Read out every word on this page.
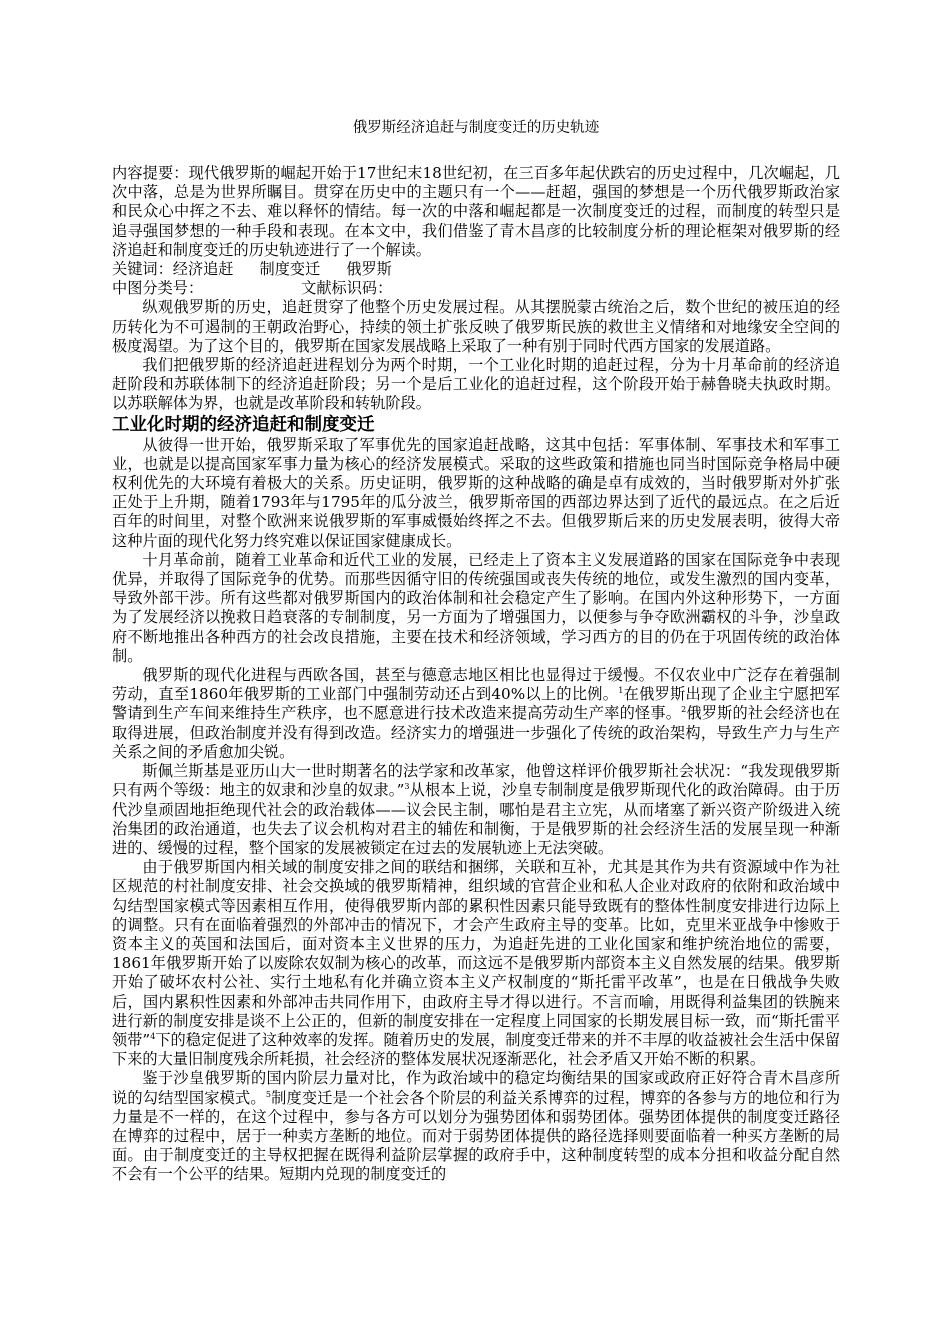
俄罗斯经济追赶与制度变迁的历史轨迹

内容提要：现代俄罗斯的崛起开始于17世纪末18世纪初，在三百多年起伏跌宕的历史过程中，几次崛起，几次中落，总是为世界所瞩目。贯穿在历史中的主题只有一个——赶超，强国的梦想是一个历代俄罗斯政治家和民众心中挥之不去、难以释怀的情结。每一次的中落和崛起都是一次制度变迁的过程，而制度的转型只是追寻强国梦想的一种手段和表现。在本文中，我们借鉴了青木昌彦的比较制度分析的理论框架对俄罗斯的经济追赶和制度变迁的历史轨迹进行了一个解读。

关键词：经济追赶 制度变迁 俄罗斯

中图分类号：	文献标识码：

纵观俄罗斯的历史，追赶贯穿了他整个历史发展过程。从其摆脱蒙古统治之后，数个世纪的被压迫的经历转化为不可遏制的王朝政治野心，持续的领土扩张反映了俄罗斯民族的救世主义情绪和对地缘安全空间的极度渴望。为了这个目的，俄罗斯在国家发展战略上采取了一种有别于同时代西方国家的发展道路。

我们把俄罗斯的经济追赶进程划分为两个时期，一个工业化时期的追赶过程，分为十月革命前的经济追赶阶段和苏联体制下的经济追赶阶段；另一个是后工业化的追赶过程，这个阶段开始于赫鲁晓夫执政时期。以苏联解体为界，也就是改革阶段和转轨阶段。

工业化时期的经济追赶和制度变迁

从彼得一世开始，俄罗斯采取了军事优先的国家追赶战略，这其中包括：军事体制、军事技术和军事工业，也就是以提高国家军事力量为核心的经济发展模式。采取的这些政策和措施也同当时国际竞争格局中硬权利优先的大环境有着极大的关系。历史证明，俄罗斯的这种战略的确是卓有成效的，当时俄罗斯对外扩张正处于上升期，随着1793年与1795年的瓜分波兰，俄罗斯帝国的西部边界达到了近代的最远点。在之后近百年的时间里，对整个欧洲来说俄罗斯的军事威慑始终挥之不去。但俄罗斯后来的历史发展表明，彼得大帝这种片面的现代化努力终究难以保证国家健康成长。

十月革命前，随着工业革命和近代工业的发展，已经走上了资本主义发展道路的国家在国际竞争中表现优异，并取得了国际竞争的优势。而那些因循守旧的传统强国或丧失传统的地位，或发生激烈的国内变革，导致外部干涉。所有这些都对俄罗斯国内的政治体制和社会稳定产生了影响。在国内外这种形势下，一方面为了发展经济以挽救日趋衰落的专制制度，另一方面为了增强国力，以便参与争夺欧洲霸权的斗争，沙皇政府不断地推出各种西方的社会改良措施，主要在技术和经济领域，学习西方的目的仍在于巩固传统的政治体制。

俄罗斯的现代化进程与西欧各国，甚至与德意志地区相比也显得过于缓慢。不仅农业中广泛存在着强制劳动，直至1860年俄罗斯的工业部门中强制劳动还占到40%以上的比例。$^1$在俄罗斯出现了企业主宁愿把军警请到生产车间来维持生产秩序，也不愿意进行技术改造来提高劳动生产率的怪事。$^2$俄罗斯的社会经济也在取得进展，但政治制度并没有得到改造。经济实力的增强进一步强化了传统的政治架构，导致生产力与生产关系之间的矛盾愈加尖锐。

斯佩兰斯基是亚历山大一世时期著名的法学家和改革家，他曾这样评价俄罗斯社会状况：“我发现俄罗斯只有两个等级：地主的奴隶和沙皇的奴隶。”$^3$从根本上说，沙皇专制制度是俄罗斯现代化的政治障碍。由于历代沙皇顽固地拒绝现代社会的政治载体——议会民主制，哪怕是君主立宪，从而堵塞了新兴资产阶级进入统治集团的政治通道，也失去了议会机构对君主的辅佐和制衡，于是俄罗斯的社会经济生活的发展呈现一种渐进的、缓慢的过程，整个国家的发展被锁定在过去的发展轨迹上无法突破。

由于俄罗斯国内相关域的制度安排之间的联结和捆绑，关联和互补，尤其是其作为共有资源域中作为社区规范的村社制度安排、社会交换域的俄罗斯精神，组织域的官营企业和私人企业对政府的依附和政治域中勾结型国家模式等因素相互作用，使得俄罗斯内部的累积性因素只能导致既有的整体性制度安排进行边际上的调整。只有在面临着强烈的外部冲击的情况下，才会产生政府主导的变革。比如，克里米亚战争中惨败于资本主义的英国和法国后，面对资本主义世界的压力，为追赶先进的工业化国家和维护统治地位的需要，1861年俄罗斯开始了以废除农奴制为核心的改革，而这远不是俄罗斯内部资本主义自然发展的结果。俄罗斯开始了破坏农村公社、实行土地私有化并确立资本主义产权制度的“斯托雷平改革”，也是在日俄战争失败后，国内累积性因素和外部冲击共同作用下，由政府主导才得以进行。不言而喻，用既得利益集团的铁腕来进行新的制度安排是谈不上公正的，但新的制度安排在一定程度上同国家的长期发展目标一致，而“斯托雷平领带”$^4$下的稳定促进了这种效率的发挥。随着历史的发展，制度变迁带来的并不丰厚的收益被社会生活中保留下来的大量旧制度残余所耗损，社会经济的整体发展状况逐渐恶化，社会矛盾又开始不断的积累。

鉴于沙皇俄罗斯的国内阶层力量对比，作为政治域中的稳定均衡结果的国家或政府正好符合青木昌彦所说的勾结型国家模式。$^5$制度变迁是一个社会各个阶层的利益关系博弈的过程，博弈的各参与方的地位和行为力量是不一样的，在这个过程中，参与各方可以划分为强势团体和弱势团体。强势团体提供的制度变迁路径在博弈的过程中，居于一种卖方垄断的地位。而对于弱势团体提供的路径选择则要面临着一种买方垄断的局面。由于制度变迁的主导权把握在既得利益阶层掌握的政府手中，这种制度转型的成本分担和收益分配自然不会有一个公平的结果。短期内兑现的制度变迁的
